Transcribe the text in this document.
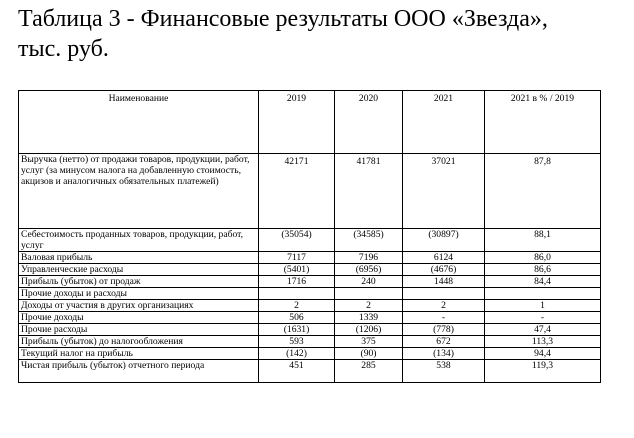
Таблица 3 - Финансовые результаты ООО «Звезда»,
тыс. руб.
Наименование	2019	2020	2021	2021 в % / 2019
Выручка (нетто) от продажи товаров, продукции, работ, услуг (за минусом налога на добавленную стоимость, акцизов и аналогичных обязательных платежей)	42171	41781	37021	87,8
Себестоимость проданных товаров, продукции, работ, услуг	(35054)	(34585)	(30897)	88,1
Валовая прибыль	7117	7196	6124	86,0
Управленческие расходы	(5401)	(6956)	(4676)	86,6
Прибыль (убыток) от продаж	1716	240	1448	84,4
Прочие доходы и расходы				
Доходы от участия в других организациях	2	2	2	1
Прочие доходы	506	1339	-	-
Прочие расходы	(1631)	(1206)	(778)	47,4
Прибыль (убыток) до налогообложения	593	375	672	113,3
Текущий налог на прибыль	(142)	(90)	(134)	94,4
Чистая прибыль (убыток) отчетного периода	451	285	538	119,3
